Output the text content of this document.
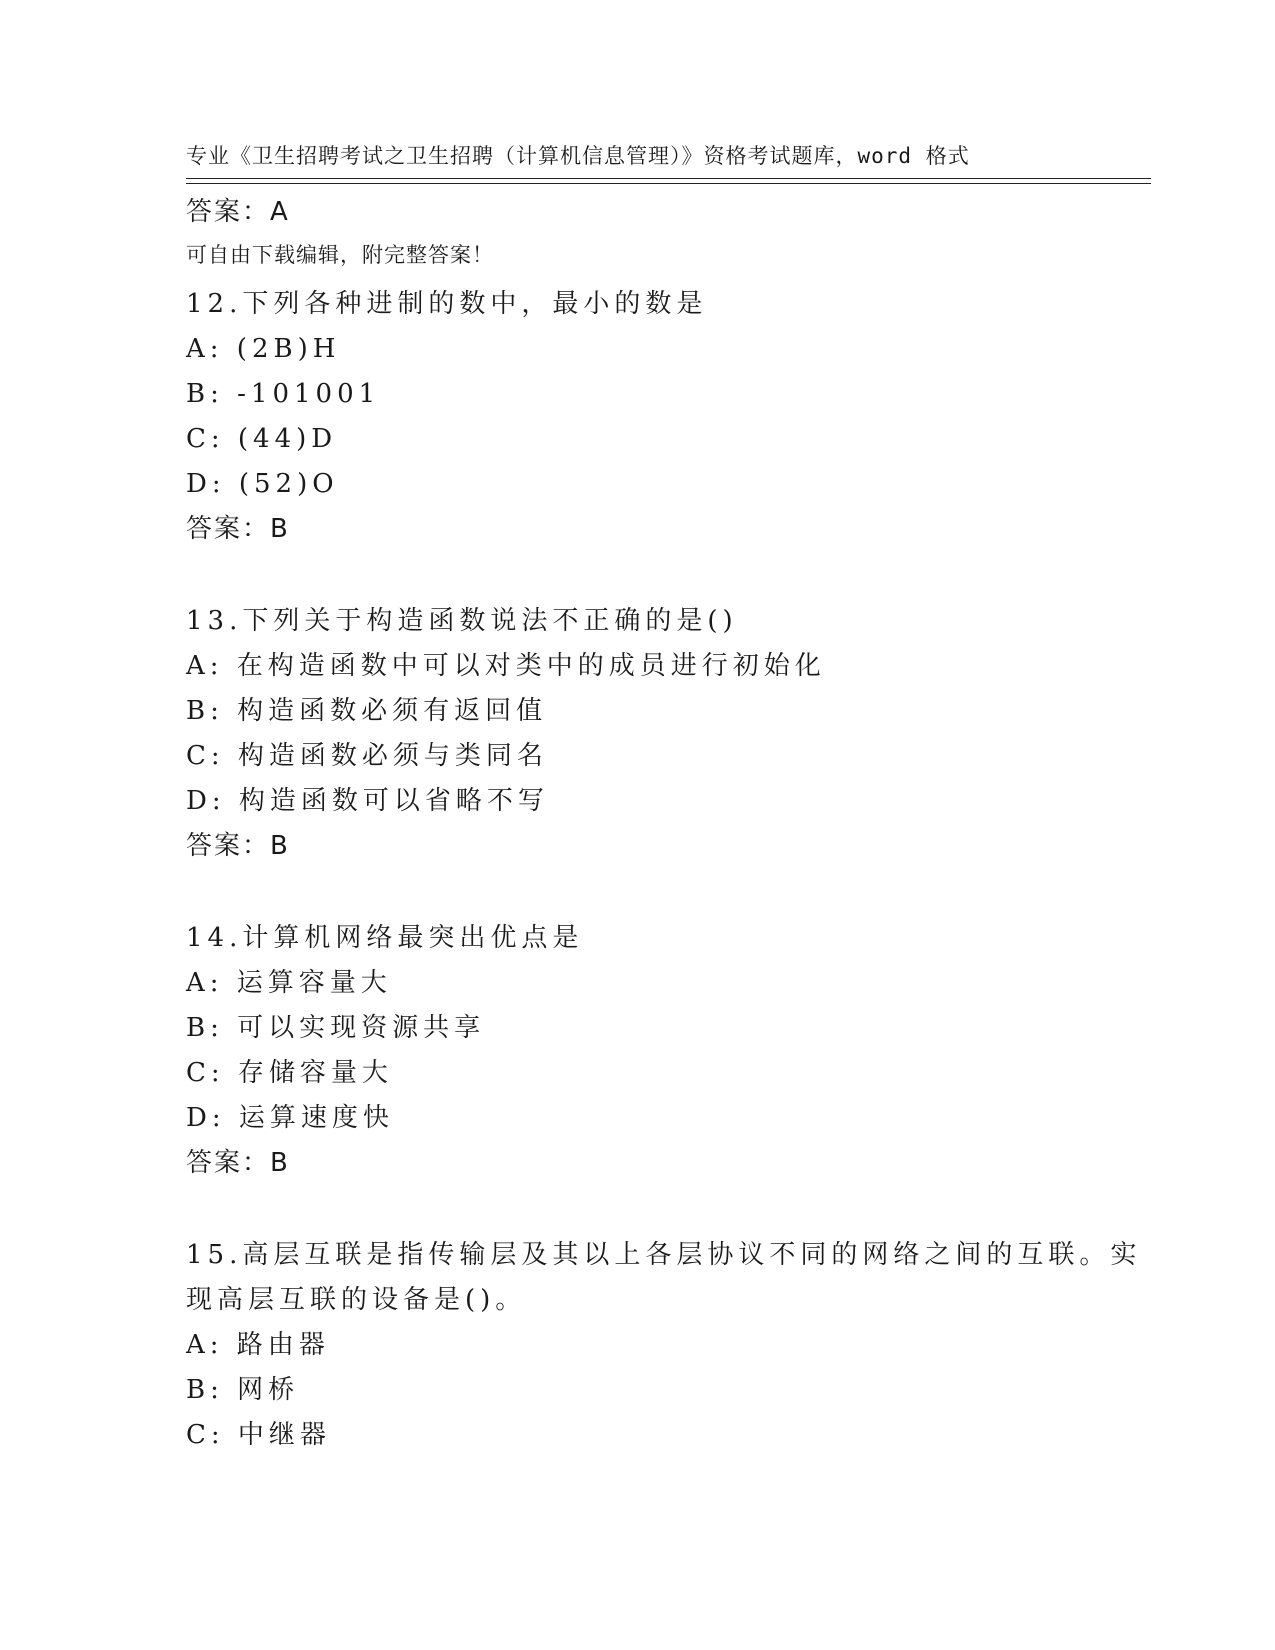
专业《卫生招聘考试之卫生招聘（计算机信息管理）》资格考试题库，word 格式

可自由下载编辑，附完整答案！

答案：A
12.下列各种进制的数中，最小的数是
A: (2B)H
B: -101001
C: (44)D
D: (52)O
答案：B
13.下列关于构造函数说法不正确的是()
A: 在构造函数中可以对类中的成员进行初始化
B: 构造函数必须有返回值
C: 构造函数必须与类同名
D: 构造函数可以省略不写
答案：B
14.计算机网络最突出优点是
A: 运算容量大
B: 可以实现资源共享
C: 存储容量大
D: 运算速度快
答案：B
15.高层互联是指传输层及其以上各层协议不同的网络之间的互联。实
现高层互联的设备是()。
A: 路由器
B: 网桥
C: 中继器
